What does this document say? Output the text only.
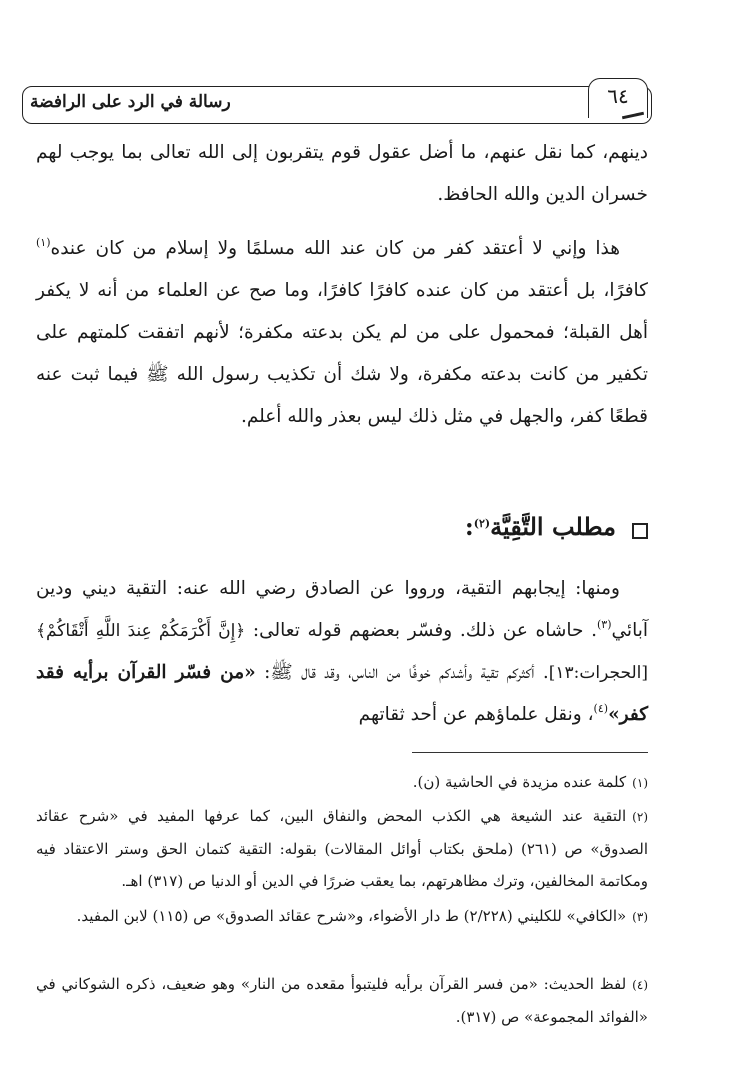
رسالة في الرد على الرافضة	٦٤
دينهم، كما نقل عنهم، ما أضل عقول قوم يتقربون إلى الله تعالى بما يوجب لهم خسران الدين والله الحافظ.
هذا وإني لا أعتقد كفر من كان عند الله مسلمًا ولا إسلام من كان عنده$^{(١)}$ كافرًا، بل أعتقد من كان عنده كافرًا كافرًا، وما صح عن العلماء من أنه لا يكفر أهل القبلة؛ فمحمول على من لم يكن بدعته مكفرة؛ لأنهم اتفقت كلمتهم على تكفير من كانت بدعته مكفرة، ولا شك أن تكذيب رسول الله ﷺ فيما ثبت عنه قطعًا كفر، والجهل في مثل ذلك ليس بعذر والله أعلم.
مطلب التَّقِيَّة$^{(٢)}$:
ومنها: إيجابهم التقية، ورووا عن الصادق رضي الله عنه: التقية ديني ودين آبائي$^{(٣)}$. حاشاه عن ذلك. وفسّر بعضهم قوله تعالى: ﴿إِنَّ أَكْرَمَكُمْ عِندَ اللَّهِ أَتْقَاكُمْ﴾ [الحجرات:١٣]. أكثركم تقية وأشدكم خوفًا من الناس، وقد قال ﷺ: «من فسّر القرآن برأيه فقد كفر»$^{(٤)}$، ونقل علماؤهم عن أحد ثقاتهم
(١)كلمة عنده مزيدة في الحاشية (ن).
(٢)التقية عند الشيعة هي الكذب المحض والنفاق البين، كما عرفها المفيد في «شرح عقائد الصدوق» ص (٢٦١) (ملحق بكتاب أوائل المقالات) بقوله: التقية كتمان الحق وستر الاعتقاد فيه ومكاتمة المخالفين، وترك مظاهرتهم، بما يعقب ضررًا في الدين أو الدنيا ص (٣١٧) اهـ.
(٣)«الكافي» للكليني (٢/٢٢٨) ط دار الأضواء، و«شرح عقائد الصدوق» ص (١١٥) لابن المفيد.
(٤)لفظ الحديث: «من فسر القرآن برأيه فليتبوأ مقعده من النار» وهو ضعيف، ذكره الشوكاني في «الفوائد المجموعة» ص (٣١٧).
